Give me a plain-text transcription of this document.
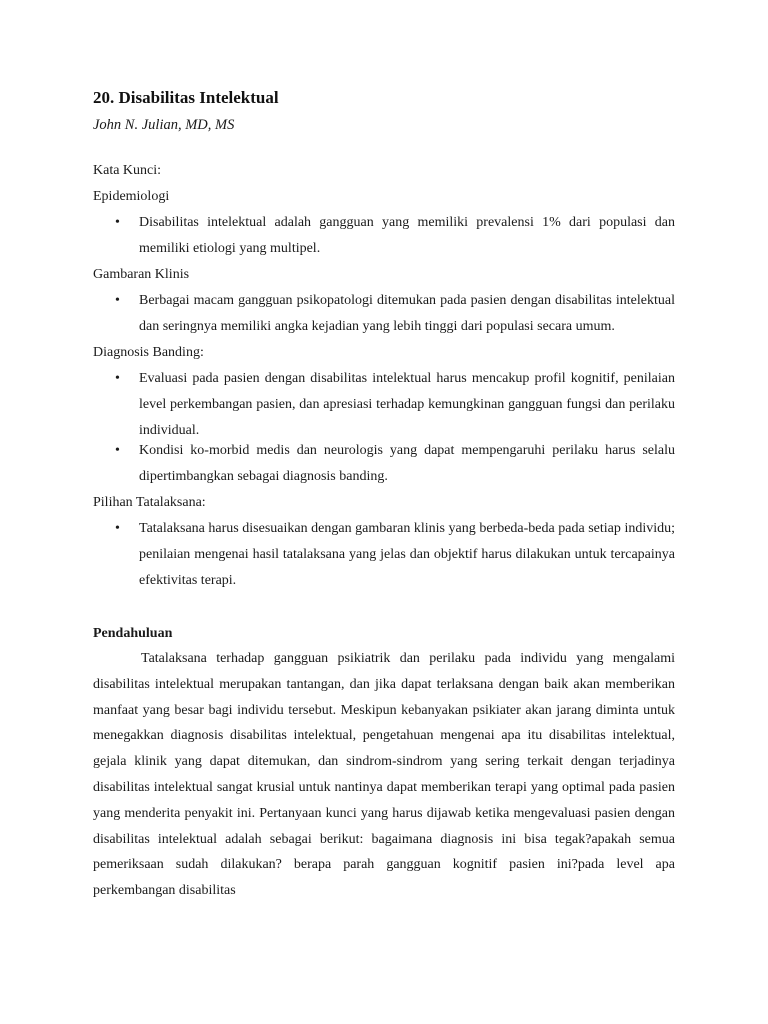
20. Disabilitas Intelektual
John N. Julian, MD, MS
Kata Kunci:
Epidemiologi
• Disabilitas intelektual adalah gangguan yang memiliki prevalensi 1% dari populasi dan memiliki etiologi yang multipel.
Gambaran Klinis
• Berbagai macam gangguan psikopatologi ditemukan pada pasien dengan disabilitas intelektual dan seringnya memiliki angka kejadian yang lebih tinggi dari populasi secara umum.
Diagnosis Banding:
• Evaluasi pada pasien dengan disabilitas intelektual harus mencakup profil kognitif, penilaian level perkembangan pasien, dan apresiasi terhadap kemungkinan gangguan fungsi dan perilaku individual.
• Kondisi ko-morbid medis dan neurologis yang dapat mempengaruhi perilaku harus selalu dipertimbangkan sebagai diagnosis banding.
Pilihan Tatalaksana:
• Tatalaksana harus disesuaikan dengan gambaran klinis yang berbeda-beda pada setiap individu; penilaian mengenai hasil tatalaksana yang jelas dan objektif harus dilakukan untuk tercapainya efektivitas terapi.
Pendahuluan

Tatalaksana terhadap gangguan psikiatrik dan perilaku pada individu yang mengalami disabilitas intelektual merupakan tantangan, dan jika dapat terlaksana dengan baik akan memberikan manfaat yang besar bagi individu tersebut. Meskipun kebanyakan psikiater akan jarang diminta untuk menegakkan diagnosis disabilitas intelektual, pengetahuan mengenai apa itu disabilitas intelektual, gejala klinik yang dapat ditemukan, dan sindrom-sindrom yang sering terkait dengan terjadinya disabilitas intelektual sangat krusial untuk nantinya dapat memberikan terapi yang optimal pada pasien yang menderita penyakit ini. Pertanyaan kunci yang harus dijawab ketika mengevaluasi pasien dengan disabilitas intelektual adalah sebagai berikut: bagaimana diagnosis ini bisa tegak?apakah semua pemeriksaan sudah dilakukan? berapa parah gangguan kognitif pasien ini?pada level apa perkembangan disabilitas
